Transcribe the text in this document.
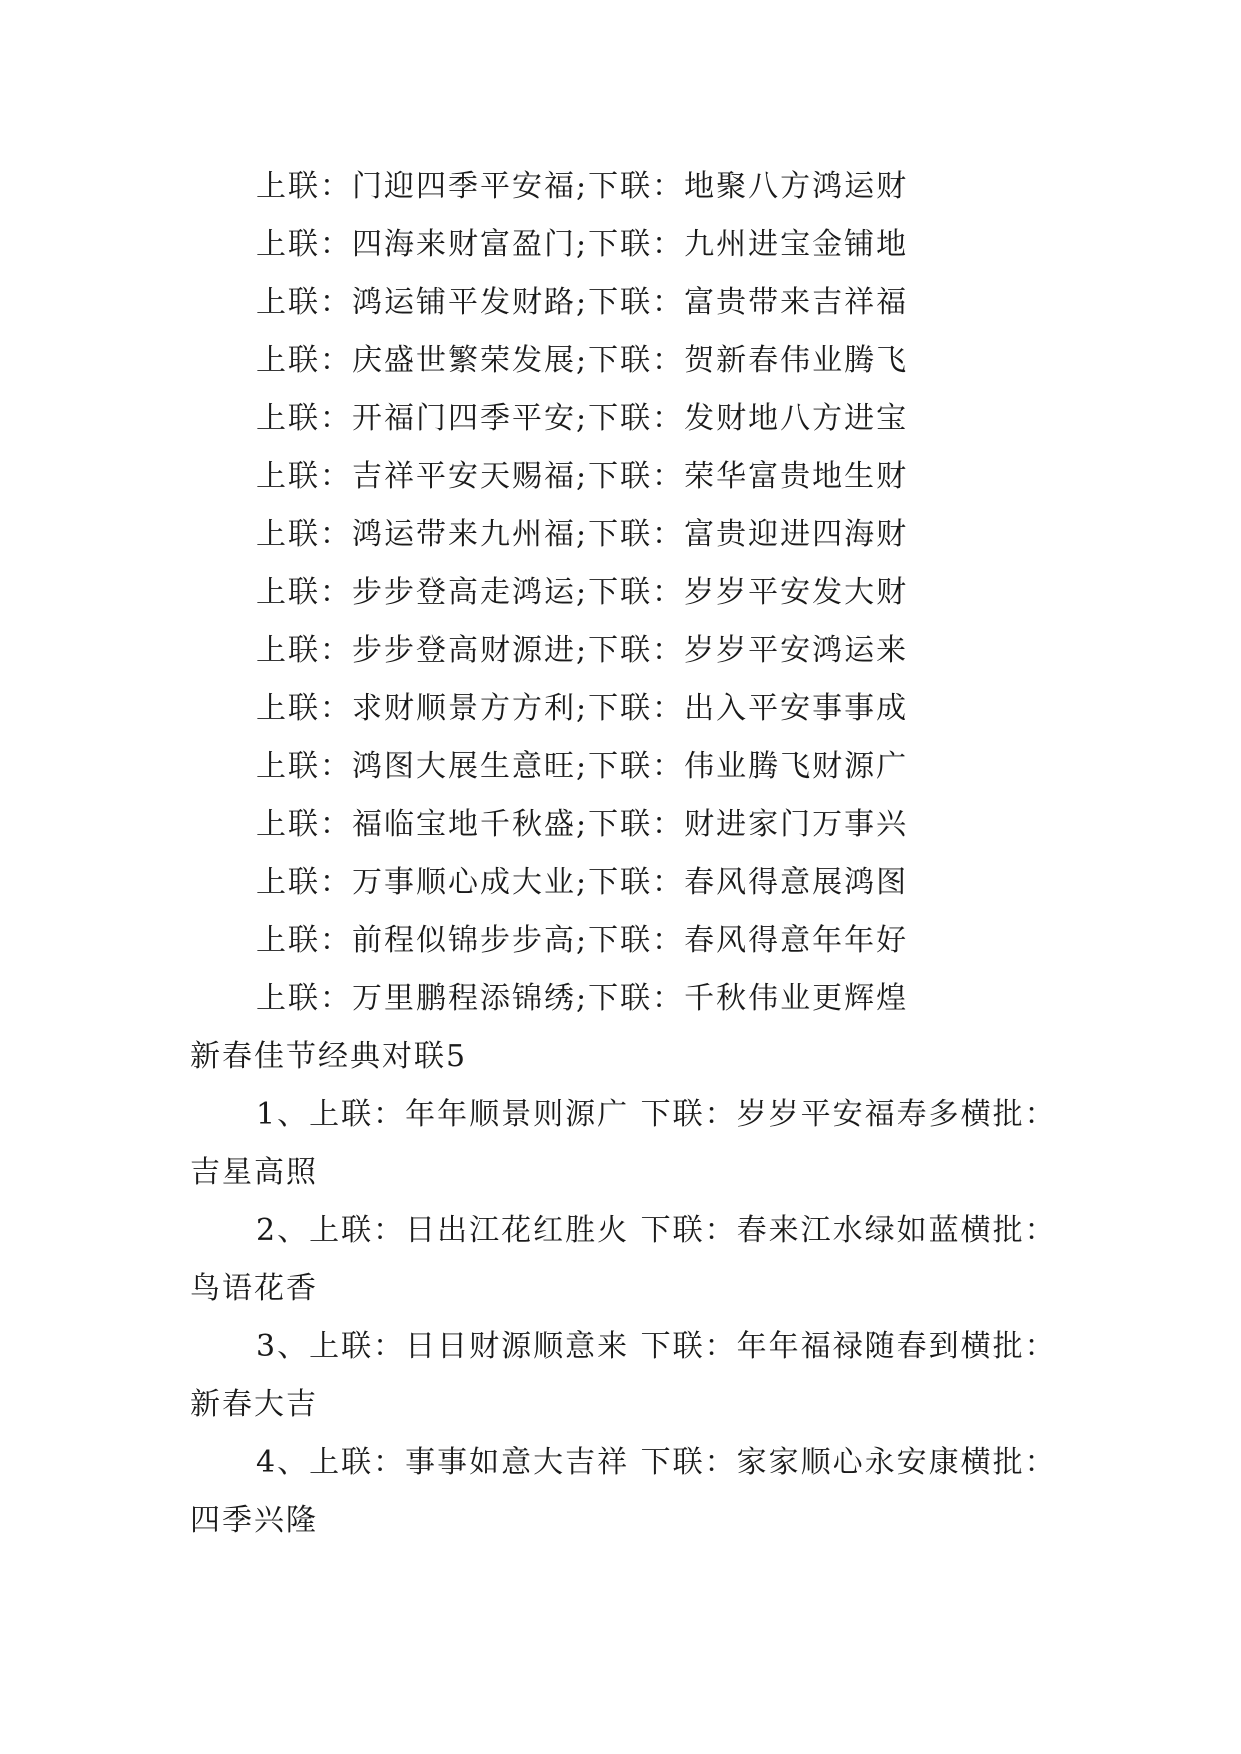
上联：门迎四季平安福;下联：地聚八方鸿运财
上联：四海来财富盈门;下联：九州进宝金铺地
上联：鸿运铺平发财路;下联：富贵带来吉祥福
上联：庆盛世繁荣发展;下联：贺新春伟业腾飞
上联：开福门四季平安;下联：发财地八方进宝
上联：吉祥平安天赐福;下联：荣华富贵地生财
上联：鸿运带来九州福;下联：富贵迎进四海财
上联：步步登高走鸿运;下联：岁岁平安发大财
上联：步步登高财源进;下联：岁岁平安鸿运来
上联：求财顺景方方利;下联：出入平安事事成
上联：鸿图大展生意旺;下联：伟业腾飞财源广
上联：福临宝地千秋盛;下联：财进家门万事兴
上联：万事顺心成大业;下联：春风得意展鸿图
上联：前程似锦步步高;下联：春风得意年年好
上联：万里鹏程添锦绣;下联：千秋伟业更辉煌
新春佳节经典对联5
1、上联：年年顺景则源广 下联：岁岁平安福寿多横批：
吉星高照
2、上联：日出江花红胜火 下联：春来江水绿如蓝横批：
鸟语花香
3、上联：日日财源顺意来 下联：年年福禄随春到横批：
新春大吉
4、上联：事事如意大吉祥 下联：家家顺心永安康横批：
四季兴隆
